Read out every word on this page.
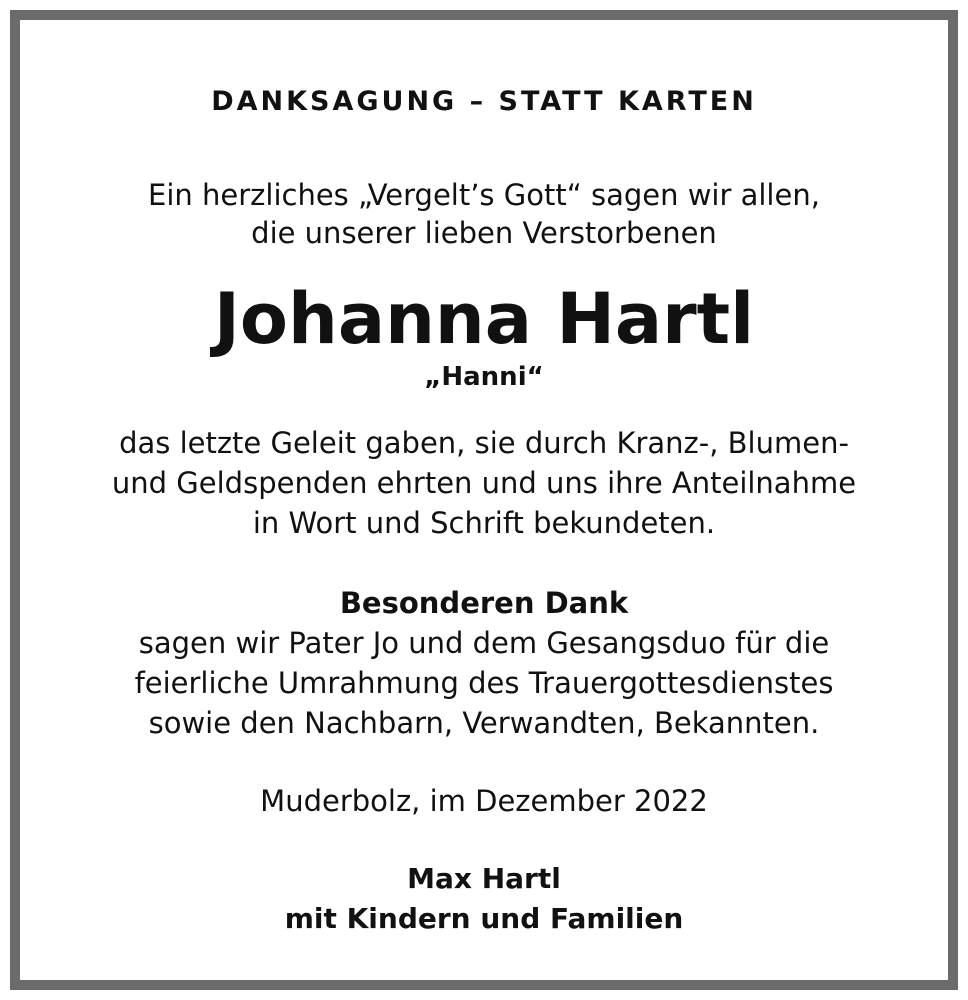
DANKSAGUNG – STATT KARTEN
Ein herzliches „Vergelt’s Gott“ sagen wir allen,
die unserer lieben Verstorbenen
Johanna Hartl
„Hanni“
das letzte Geleit gaben, sie durch Kranz-, Blumen-
und Geldspenden ehrten und uns ihre Anteilnahme
in Wort und Schrift bekundeten.
Besonderen Dank
sagen wir Pater Jo und dem Gesangsduo für die
feierliche Umrahmung des Trauergottesdienstes
sowie den Nachbarn, Verwandten, Bekannten.
Muderbolz, im Dezember 2022
Max Hartl
mit Kindern und Familien
